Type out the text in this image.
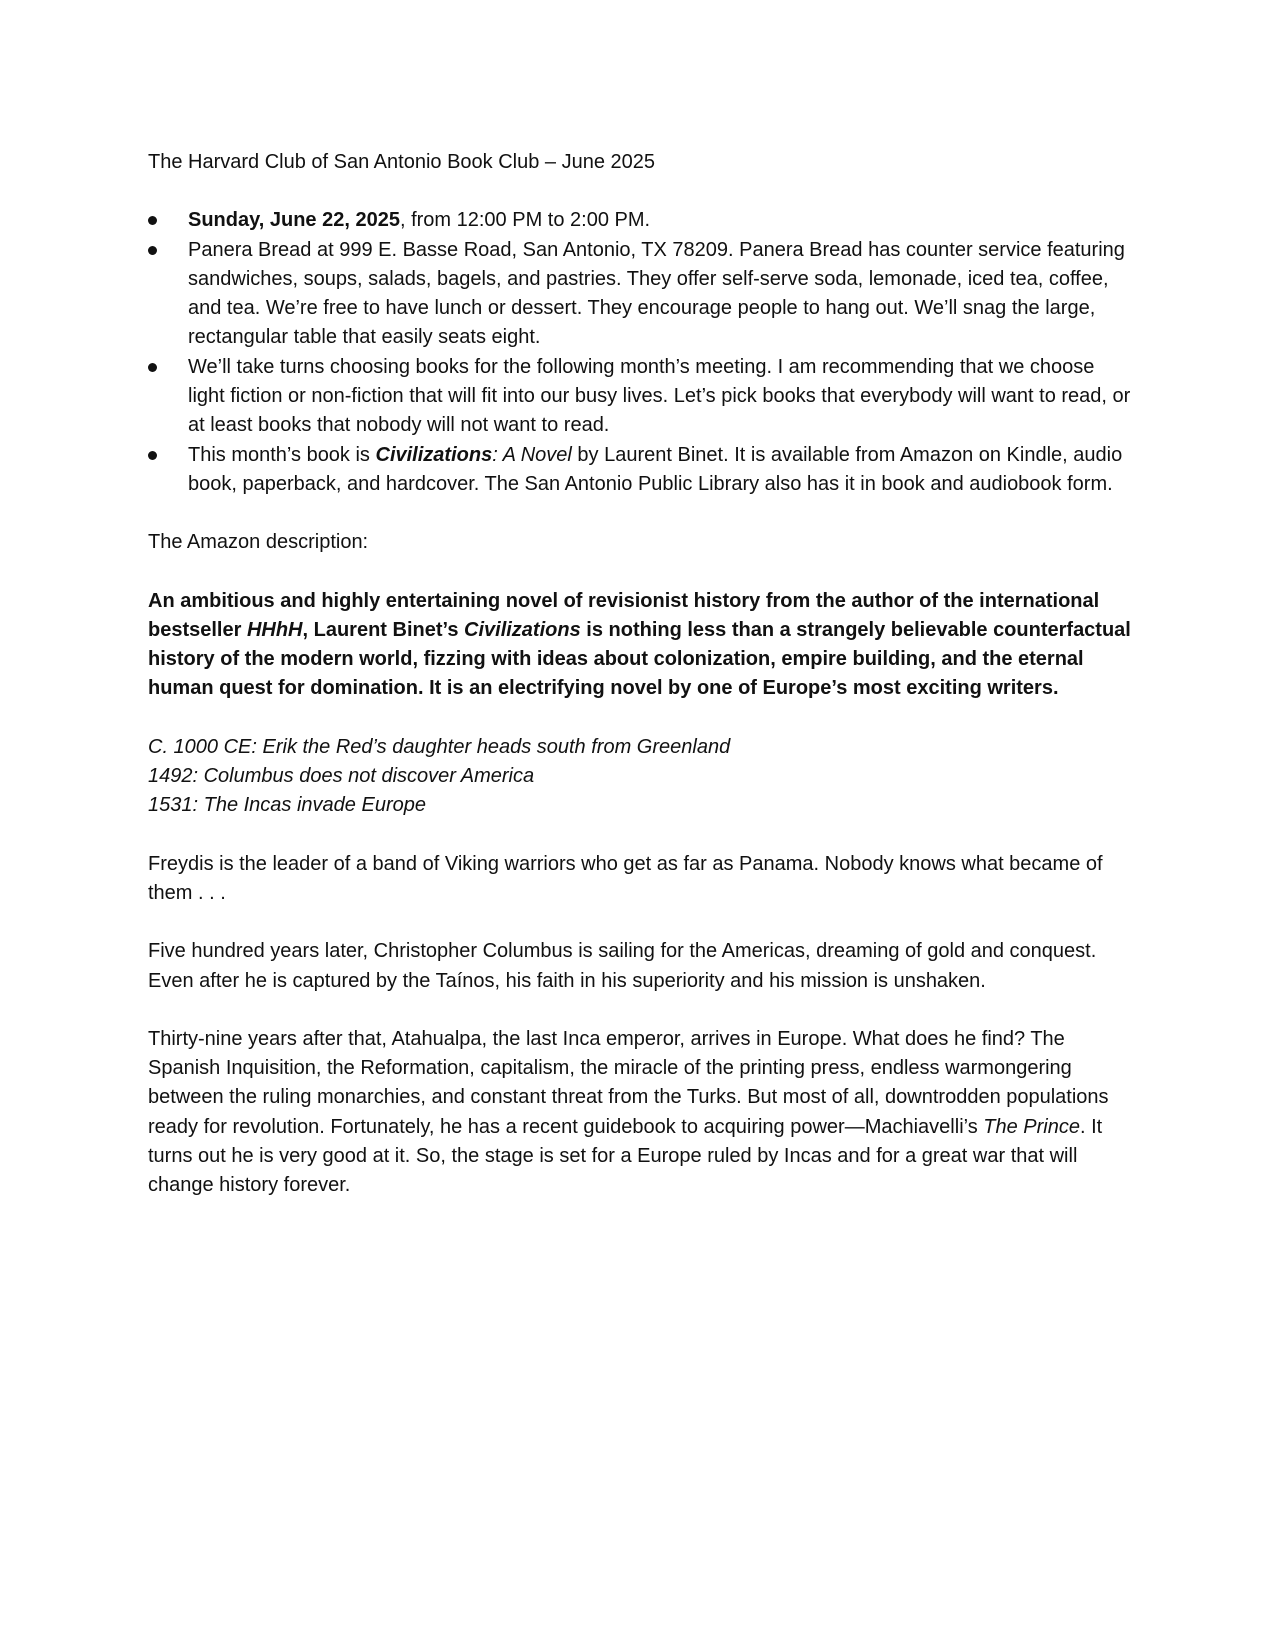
The Harvard Club of San Antonio Book Club – June 2025

Sunday, June 22, 2025, from 12:00 PM to 2:00 PM.
Panera Bread at 999 E. Basse Road, San Antonio, TX 78209. Panera Bread has counter service featuring sandwiches, soups, salads, bagels, and pastries. They offer self-serve soda, lemonade, iced tea, coffee, and tea. We’re free to have lunch or dessert. They encourage people to hang out. We’ll snag the large, rectangular table that easily seats eight.
We’ll take turns choosing books for the following month’s meeting. I am recommending that we choose light fiction or non-fiction that will fit into our busy lives. Let’s pick books that everybody will want to read, or at least books that nobody will not want to read.
This month’s book is Civilizations: A Novel by Laurent Binet. It is available from Amazon on Kindle, audio book, paperback, and hardcover. The San Antonio Public Library also has it in book and audiobook form.

The Amazon description:

An ambitious and highly entertaining novel of revisionist history from the author of the international bestseller HHhH, Laurent Binet’s Civilizations is nothing less than a strangely believable counterfactual history of the modern world, fizzing with ideas about colonization, empire building, and the eternal human quest for domination. It is an electrifying novel by one of Europe’s most exciting writers.

C. 1000 CE: Erik the Red’s daughter heads south from Greenland

1492: Columbus does not discover America

1531: The Incas invade Europe

Freydis is the leader of a band of Viking warriors who get as far as Panama. Nobody knows what became of them . . .

Five hundred years later, Christopher Columbus is sailing for the Americas, dreaming of gold and conquest. Even after he is captured by the Taínos, his faith in his superiority and his mission is unshaken.

Thirty-nine years after that, Atahualpa, the last Inca emperor, arrives in Europe. What does he find? The Spanish Inquisition, the Reformation, capitalism, the miracle of the printing press, endless warmongering between the ruling monarchies, and constant threat from the Turks. But most of all, downtrodden populations ready for revolution. Fortunately, he has a recent guidebook to acquiring power—Machiavelli’s The Prince. It turns out he is very good at it. So, the stage is set for a Europe ruled by Incas and for a great war that will change history forever.
